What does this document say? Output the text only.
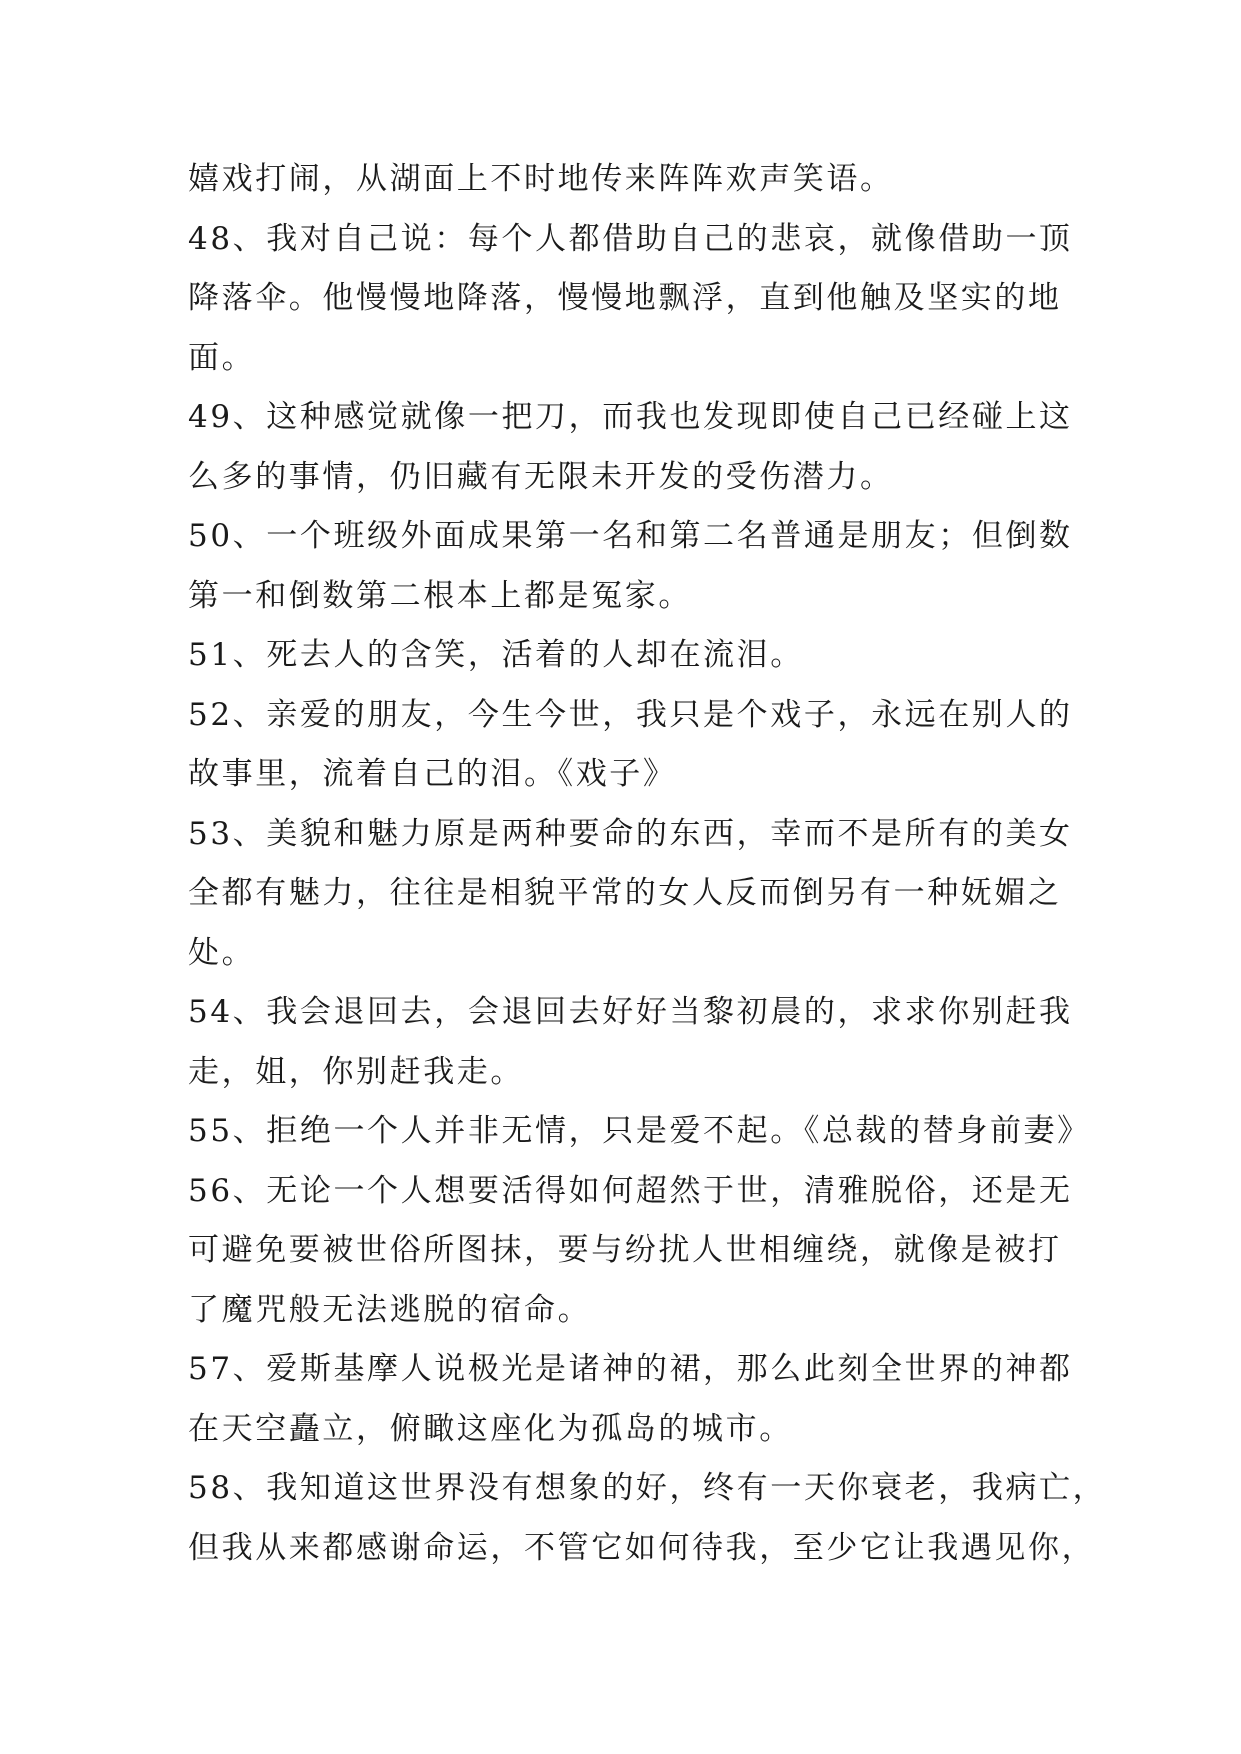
嬉戏打闹，从湖面上不时地传来阵阵欢声笑语。
48、我对自己说：每个人都借助自己的悲哀，就像借助一顶
降落伞。他慢慢地降落，慢慢地飘浮，直到他触及坚实的地
面。
49、这种感觉就像一把刀，而我也发现即使自己已经碰上这
么多的事情，仍旧藏有无限未开发的受伤潜力。
50、一个班级外面成果第一名和第二名普通是朋友；但倒数
第一和倒数第二根本上都是冤家。
51、死去人的含笑，活着的人却在流泪。
52、亲爱的朋友，今生今世，我只是个戏子，永远在别人的
故事里，流着自己的泪。《戏子》
53、美貌和魅力原是两种要命的东西，幸而不是所有的美女
全都有魅力，往往是相貌平常的女人反而倒另有一种妩媚之
处。
54、我会退回去，会退回去好好当黎初晨的，求求你别赶我
走，姐，你别赶我走。
55、拒绝一个人并非无情，只是爱不起。《总裁的替身前妻》
56、无论一个人想要活得如何超然于世，清雅脱俗，还是无
可避免要被世俗所图抹，要与纷扰人世相缠绕，就像是被打
了魔咒般无法逃脱的宿命。
57、爱斯基摩人说极光是诸神的裙，那么此刻全世界的神都
在天空矗立，俯瞰这座化为孤岛的城市。
58、我知道这世界没有想象的好，终有一天你衰老，我病亡，
但我从来都感谢命运，不管它如何待我，至少它让我遇见你，
